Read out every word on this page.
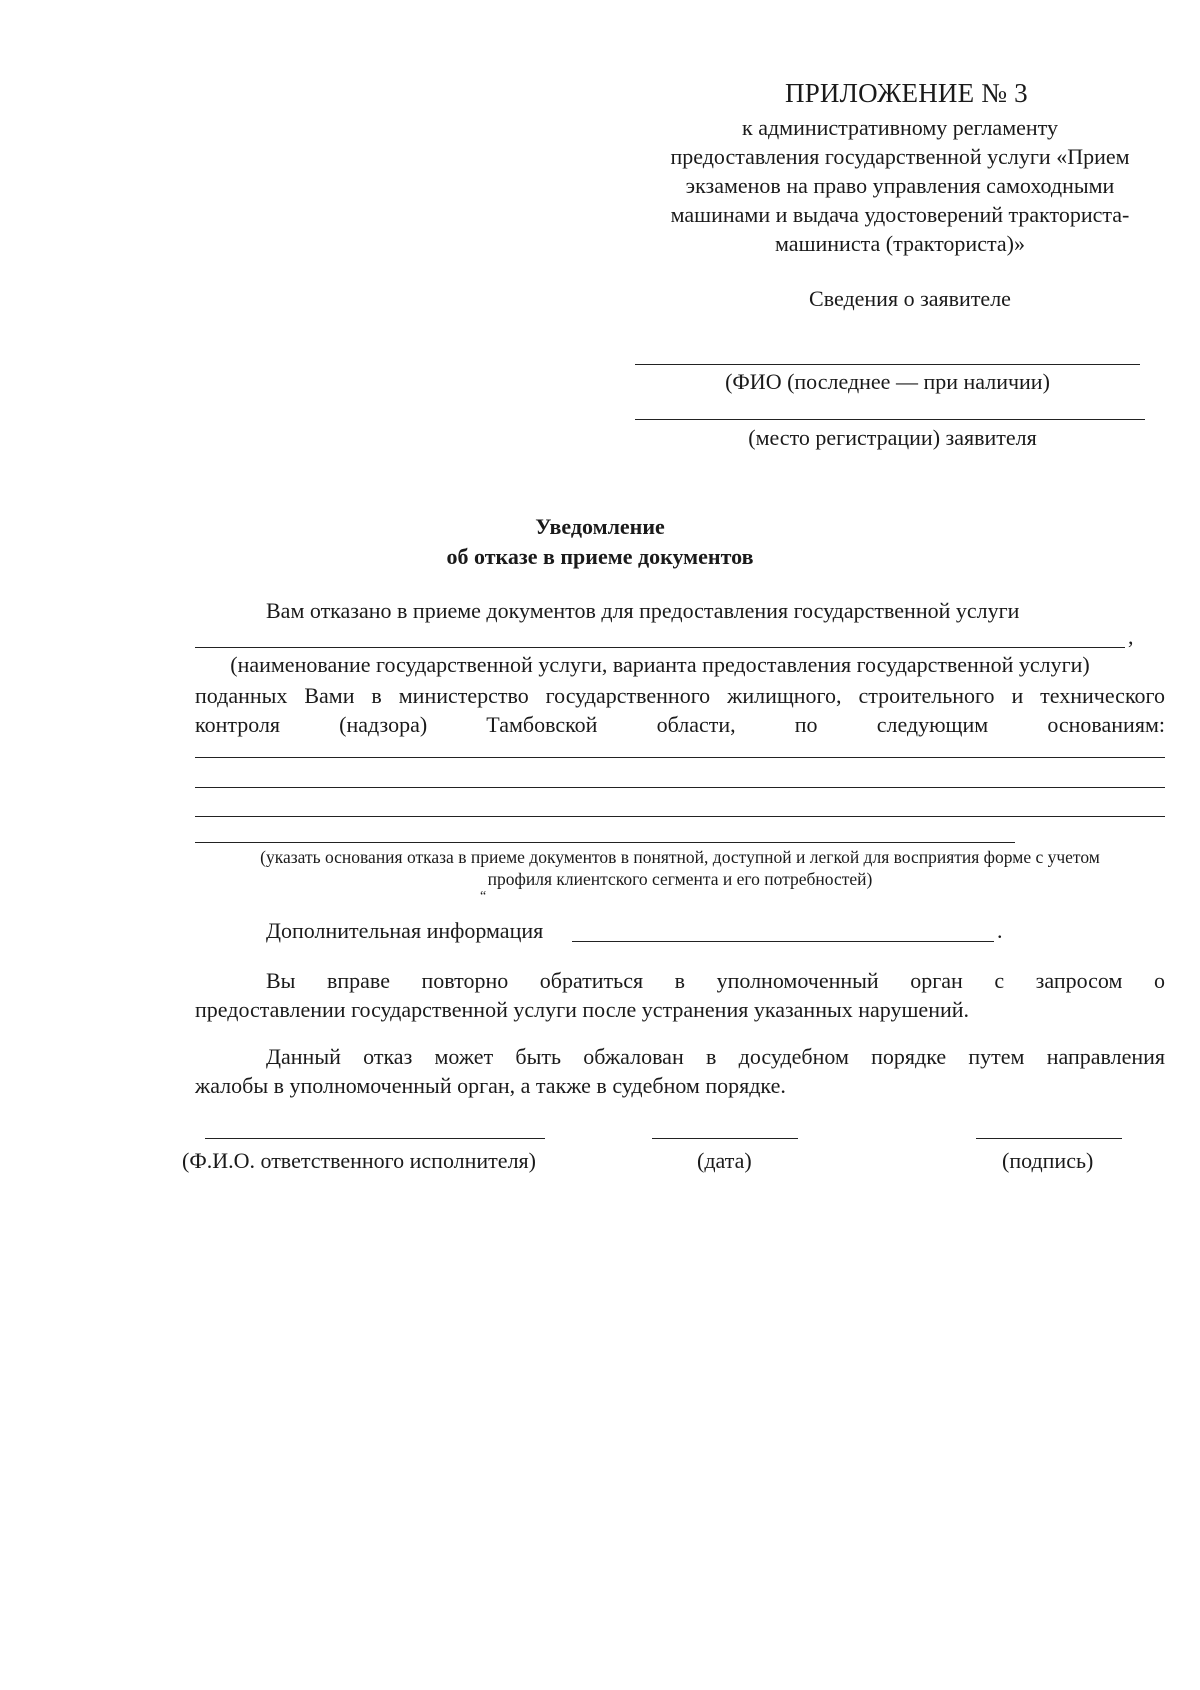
ПРИЛОЖЕНИЕ № 3
к административному регламенту
предоставления государственной услуги «Прием
экзаменов на право управления самоходными
машинами и выдача удостоверений тракториста-
машиниста (тракториста)»
Сведения о заявителе
(ФИО (последнее — при наличии)
(место регистрации) заявителя
Уведомление
об отказе в приеме документов
Вам отказано в приеме документов для предоставления государственной услуги
,
(наименование государственной услуги, варианта предоставления государственной услуги)
поданных Вами в министерство государственного жилищного, строительного и технического
контроля (надзора) Тамбовской области, по следующим основаниям:
(указать основания отказа в приеме документов в понятной, доступной и легкой для восприятия форме с учетом
профиля клиентского сегмента и его потребностей)
“
Дополнительная информация	.
Вы вправе повторно обратиться в уполномоченный орган с запросом о
предоставлении государственной услуги после устранения указанных нарушений.
Данный отказ может быть обжалован в досудебном порядке путем направления
жалобы в уполномоченный орган, а также в судебном порядке.
(Ф.И.О. ответственного исполнителя)	(дата)	(подпись)
